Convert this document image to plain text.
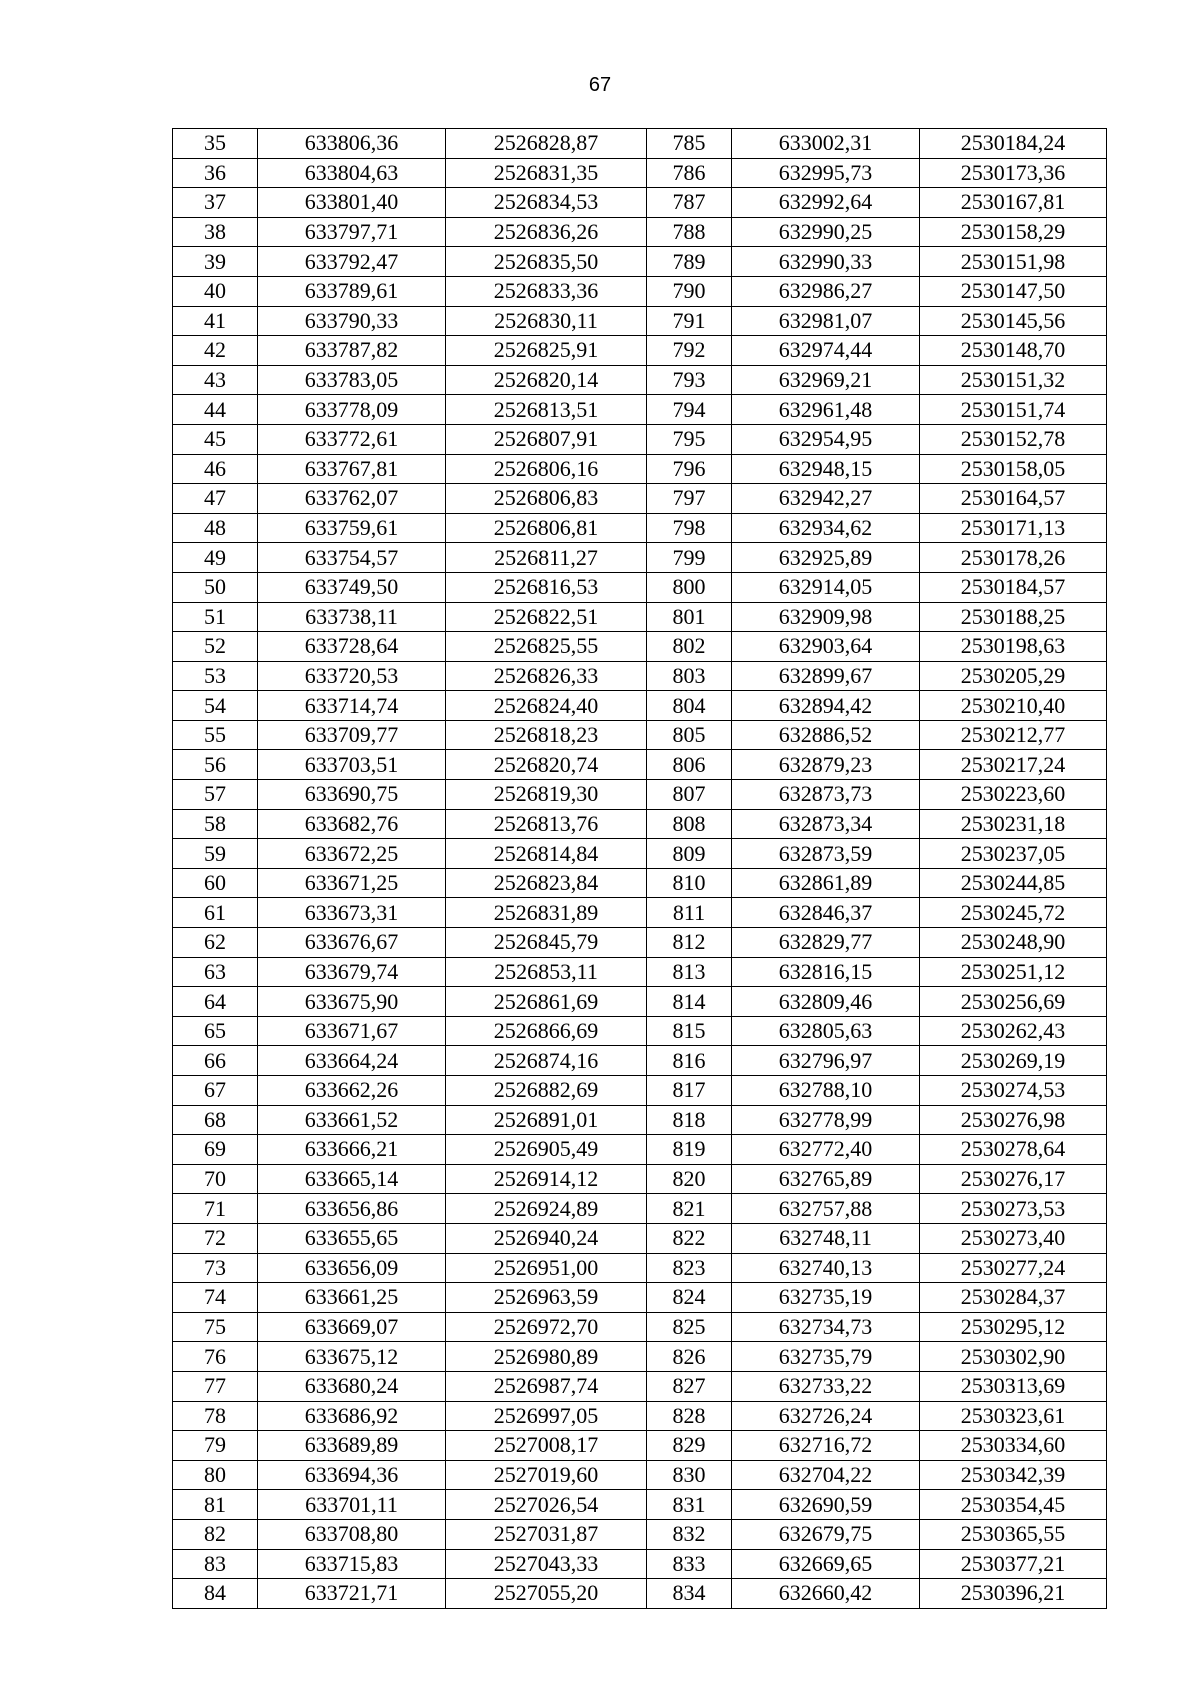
67
35	633806,36	2526828,87	785	633002,31	2530184,24
36	633804,63	2526831,35	786	632995,73	2530173,36
37	633801,40	2526834,53	787	632992,64	2530167,81
38	633797,71	2526836,26	788	632990,25	2530158,29
39	633792,47	2526835,50	789	632990,33	2530151,98
40	633789,61	2526833,36	790	632986,27	2530147,50
41	633790,33	2526830,11	791	632981,07	2530145,56
42	633787,82	2526825,91	792	632974,44	2530148,70
43	633783,05	2526820,14	793	632969,21	2530151,32
44	633778,09	2526813,51	794	632961,48	2530151,74
45	633772,61	2526807,91	795	632954,95	2530152,78
46	633767,81	2526806,16	796	632948,15	2530158,05
47	633762,07	2526806,83	797	632942,27	2530164,57
48	633759,61	2526806,81	798	632934,62	2530171,13
49	633754,57	2526811,27	799	632925,89	2530178,26
50	633749,50	2526816,53	800	632914,05	2530184,57
51	633738,11	2526822,51	801	632909,98	2530188,25
52	633728,64	2526825,55	802	632903,64	2530198,63
53	633720,53	2526826,33	803	632899,67	2530205,29
54	633714,74	2526824,40	804	632894,42	2530210,40
55	633709,77	2526818,23	805	632886,52	2530212,77
56	633703,51	2526820,74	806	632879,23	2530217,24
57	633690,75	2526819,30	807	632873,73	2530223,60
58	633682,76	2526813,76	808	632873,34	2530231,18
59	633672,25	2526814,84	809	632873,59	2530237,05
60	633671,25	2526823,84	810	632861,89	2530244,85
61	633673,31	2526831,89	811	632846,37	2530245,72
62	633676,67	2526845,79	812	632829,77	2530248,90
63	633679,74	2526853,11	813	632816,15	2530251,12
64	633675,90	2526861,69	814	632809,46	2530256,69
65	633671,67	2526866,69	815	632805,63	2530262,43
66	633664,24	2526874,16	816	632796,97	2530269,19
67	633662,26	2526882,69	817	632788,10	2530274,53
68	633661,52	2526891,01	818	632778,99	2530276,98
69	633666,21	2526905,49	819	632772,40	2530278,64
70	633665,14	2526914,12	820	632765,89	2530276,17
71	633656,86	2526924,89	821	632757,88	2530273,53
72	633655,65	2526940,24	822	632748,11	2530273,40
73	633656,09	2526951,00	823	632740,13	2530277,24
74	633661,25	2526963,59	824	632735,19	2530284,37
75	633669,07	2526972,70	825	632734,73	2530295,12
76	633675,12	2526980,89	826	632735,79	2530302,90
77	633680,24	2526987,74	827	632733,22	2530313,69
78	633686,92	2526997,05	828	632726,24	2530323,61
79	633689,89	2527008,17	829	632716,72	2530334,60
80	633694,36	2527019,60	830	632704,22	2530342,39
81	633701,11	2527026,54	831	632690,59	2530354,45
82	633708,80	2527031,87	832	632679,75	2530365,55
83	633715,83	2527043,33	833	632669,65	2530377,21
84	633721,71	2527055,20	834	632660,42	2530396,21
